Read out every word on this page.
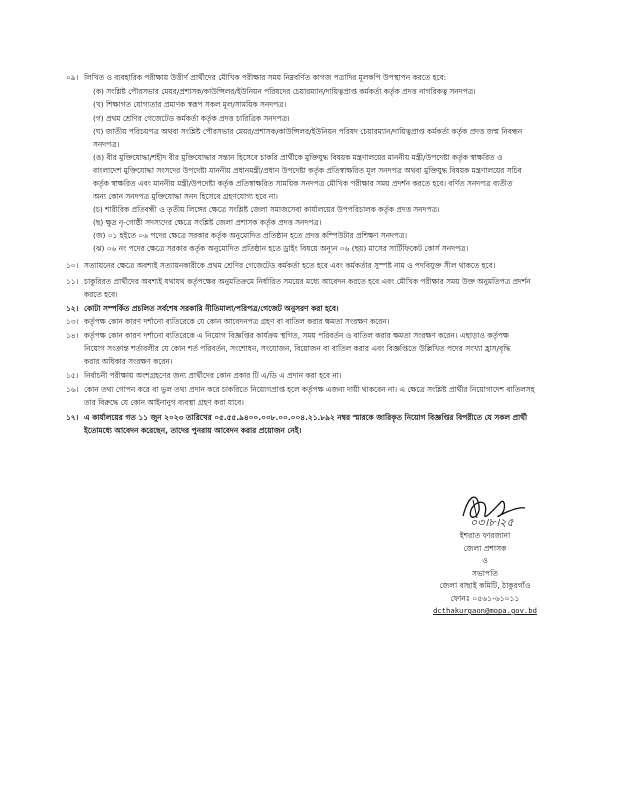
০৯। লিখিত ও ব্যবহারিক পরীক্ষায় উত্তীর্ণ প্রার্থীদের মৌখিক পরীক্ষার সময় নিম্নবর্ণিত কাগজ পত্রাদির মূলকপি উপস্থাপন করতে হবে:
(ক) সংশ্লিষ্ট পৌরসভার মেয়র/প্রশাসক/কাউন্সিলর/ইউনিয়ন পরিষদের চেয়ারম্যান/দায়িত্বপ্রাপ্ত কর্মকর্তা কর্তৃক প্রদত্ত নাগরিকত্ব সনদপত্র।
(খ) শিক্ষাগত যোগ্যতার প্রমাণক স্বরূপ সকল মূল/সাময়িক সনদপত্র।
(গ) প্রথম শ্রেণির গেজেটেড কর্মকর্তা কর্তৃক প্রদত্ত চারিত্রিক সনদপত্র।
(ঘ) জাতীয় পরিচয়পত্র অথবা সংশ্লিষ্ট পৌরসভার মেয়র/প্রশাসক/কাউন্সিলর/ইউনিয়ন পরিষদ চেয়ারম্যান/দায়িত্বপ্রাপ্ত কর্মকর্তা কর্তৃক প্রদত্ত জন্ম নিবন্ধন
সনদপত্র।
(ঙ) বীর মুক্তিযোদ্ধা/শহীদ বীর মুক্তিযোদ্ধার সন্তান হিসেবে চাকরি প্রার্থীকে মুক্তিযুদ্ধ বিষয়ক মন্ত্রণালয়ের মাননীয় মন্ত্রী/উপদেষ্টা কর্তৃক স্বাক্ষরিত ও
বাংলাদেশ মুক্তিযোদ্ধা সংসদের উপদেষ্টা মাননীয় প্রধানমন্ত্রী/প্রধান উপদেষ্টা কর্তৃক প্রতিস্বাক্ষরিত মূল সনদপত্র অথবা মুক্তিযুদ্ধ বিষয়ক মন্ত্রণালয়ের সচিব
কর্তৃক স্বাক্ষরিত এবং মাননীয় মন্ত্রী/উপদেষ্টা কর্তৃক প্রতিস্বাক্ষরিত সাময়িক সনদপত্র মৌখিক পরীক্ষার সময় প্রদর্শন করতে হবে। বর্ণিত সনদপত্র ব্যতীত
অন্য কোন সনদপত্র মুক্তিযোদ্ধা সনদ হিসেবে গ্রহণযোগ্য হবে না।
(চ) শারীরিক প্রতিবন্ধী ও তৃতীয় লিঙ্গের ক্ষেত্রে সংশ্লিষ্ট জেলা সমাজসেবা কার্যালয়ের উপপরিচালক কর্তৃক প্রদত্ত সনদপত্র।
(ছ) ক্ষুদ্র নৃ-গোষ্ঠী সদস্যদের ক্ষেত্রে সংশ্লিষ্ট জেলা প্রশাসক কর্তৃক প্রদত্ত সনদপত্র।
(জ) ০১ হইতে ০৬ পদের ক্ষেত্রে সরকার কর্তৃক অনুমোদিত প্রতিষ্ঠান হতে প্রদত্ত কম্পিউটার প্রশিক্ষণ সনদপত্র।
(ঝ) ০৬ নং পদের ক্ষেত্রে সরকার কর্তৃক অনুমোদিত প্রতিষ্ঠান হতে ড্রাইং বিষয়ে অন্যূন ০৬ (ছয়) মাসের সার্টিফিকেট কোর্স সনদপত্র।
১০। সত্যায়নের ক্ষেত্রে অবশ্যই সত্যায়নকারীকে প্রথম শ্রেণির গেজেটেড কর্মকর্তা হতে হবে এবং কর্মকর্তার সুস্পষ্ট নাম ও পদবিযুক্ত সীল থাকতে হবে।
১১। চাকুরিরত প্রার্থীদের অবশ্যই যথাযথ কর্তৃপক্ষের অনুমতিক্রমে নির্ধারিত সময়ের মধ্যে আবেদন করতে হবে এবং মৌখিক পরীক্ষার সময় উক্ত অনুমতিপত্র প্রদর্শন
করতে হবে।
১২। কোটা সম্পর্কিত প্রচলিত সর্বশেষ সরকারি নীতিমালা/পরিপত্র/গেজেট অনুসরণ করা হবে।
১৩। কর্তৃপক্ষ কোন কারণ দর্শানো ব্যতিরেকে যে কোন আবেদনপত্র গ্রহণ বা বাতিল করার ক্ষমতা সংরক্ষণ করেন।
১৪। কর্তৃপক্ষ কোন কারণ দর্শানো ব্যতিরেকে এ নিয়োগ বিজ্ঞপ্তির কার্যক্রম স্থগিত, সময় পরিবর্তন ও বাতিল করার ক্ষমতা সংরক্ষণ করেন। এছাড়াও কর্তৃপক্ষ
নিয়োগ সংক্রান্ত শর্তাবলীর যে কোন শর্ত পরিবর্তন, সংশোধন, সংযোজন, বিয়োজন বা বাতিল করার এবং বিজ্ঞপ্তিতে উল্লিখিত পদের সংখ্যা হ্রাস/বৃদ্ধি
করার অধিকার সংরক্ষণ করেন।
১৫। নির্বাচনী পরীক্ষায় অংশগ্রহণের জন্য প্রার্থীদের কোন প্রকার টি এ/ডি এ প্রদান করা হবে না।
১৬। কোন তথ্য গোপন করে বা ভুল তথ্য প্রদান করে চাকরিতে নিয়োগপ্রাপ্ত হলে কর্তৃপক্ষ এজন্য দায়ী থাকবেন না। এ ক্ষেত্রে সংশ্লিষ্ট প্রার্থীর নিয়োগাদেশ বাতিলসহ
তার বিরুদ্ধে যে কোন আইনানুগ ব্যবস্থা গ্রহণ করা যাবে।
১৭। এ কার্যালয়ের গত ১১ জুন ২০২৩ তারিখের ০৫.৫৫.৯৪০০.০০৮.০০.০০৪.২১.৮৯২ নম্বর স্মারকে জারিকৃত নিয়োগ বিজ্ঞপ্তির বিপরীতে যে সকল প্রার্থী
ইতোমধ্যে আবেদন করেছেন, তাদের পুনরায় আবেদন করার প্রয়োজন নেই।
০৩।৮।২৫
ইশরাত ফারজানা
জেলা প্রশাসক
ও
সভাপতি
জেলা বাছাই কমিটি, ঠাকুরগাঁও
ফোনঃ ০৫৬১-৬১০১১
dcthakurgaon@mopa.gov.bd
